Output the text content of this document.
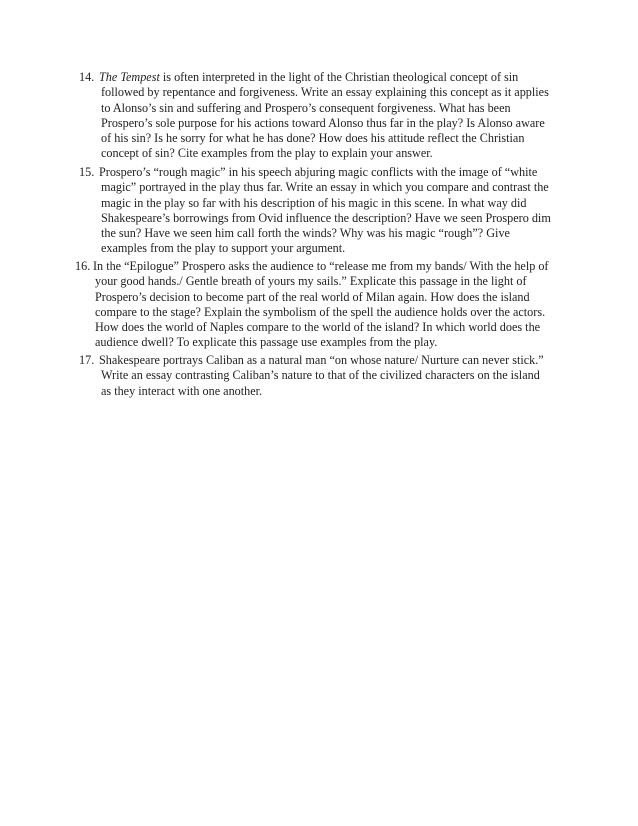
14. The Tempest is often interpreted in the light of the Christian theological concept of sin
followed by repentance and forgiveness. Write an essay explaining this concept as it applies
to Alonso’s sin and suffering and Prospero’s consequent forgiveness. What has been
Prospero’s sole purpose for his actions toward Alonso thus far in the play? Is Alonso aware
of his sin? Is he sorry for what he has done? How does his attitude reflect the Christian
concept of sin? Cite examples from the play to explain your answer.
15. Prospero’s “rough magic” in his speech abjuring magic conflicts with the image of “white
magic” portrayed in the play thus far. Write an essay in which you compare and contrast the
magic in the play so far with his description of his magic in this scene. In what way did
Shakespeare’s borrowings from Ovid influence the description? Have we seen Prospero dim
the sun? Have we seen him call forth the winds? Why was his magic “rough”? Give
examples from the play to support your argument.
16. In the “Epilogue” Prospero asks the audience to “release me from my bands/ With the help of
your good hands./ Gentle breath of yours my sails.” Explicate this passage in the light of
Prospero’s decision to become part of the real world of Milan again. How does the island
compare to the stage? Explain the symbolism of the spell the audience holds over the actors.
How does the world of Naples compare to the world of the island? In which world does the
audience dwell? To explicate this passage use examples from the play.
17. Shakespeare portrays Caliban as a natural man “on whose nature/ Nurture can never stick.”
Write an essay contrasting Caliban’s nature to that of the civilized characters on the island
as they interact with one another.
